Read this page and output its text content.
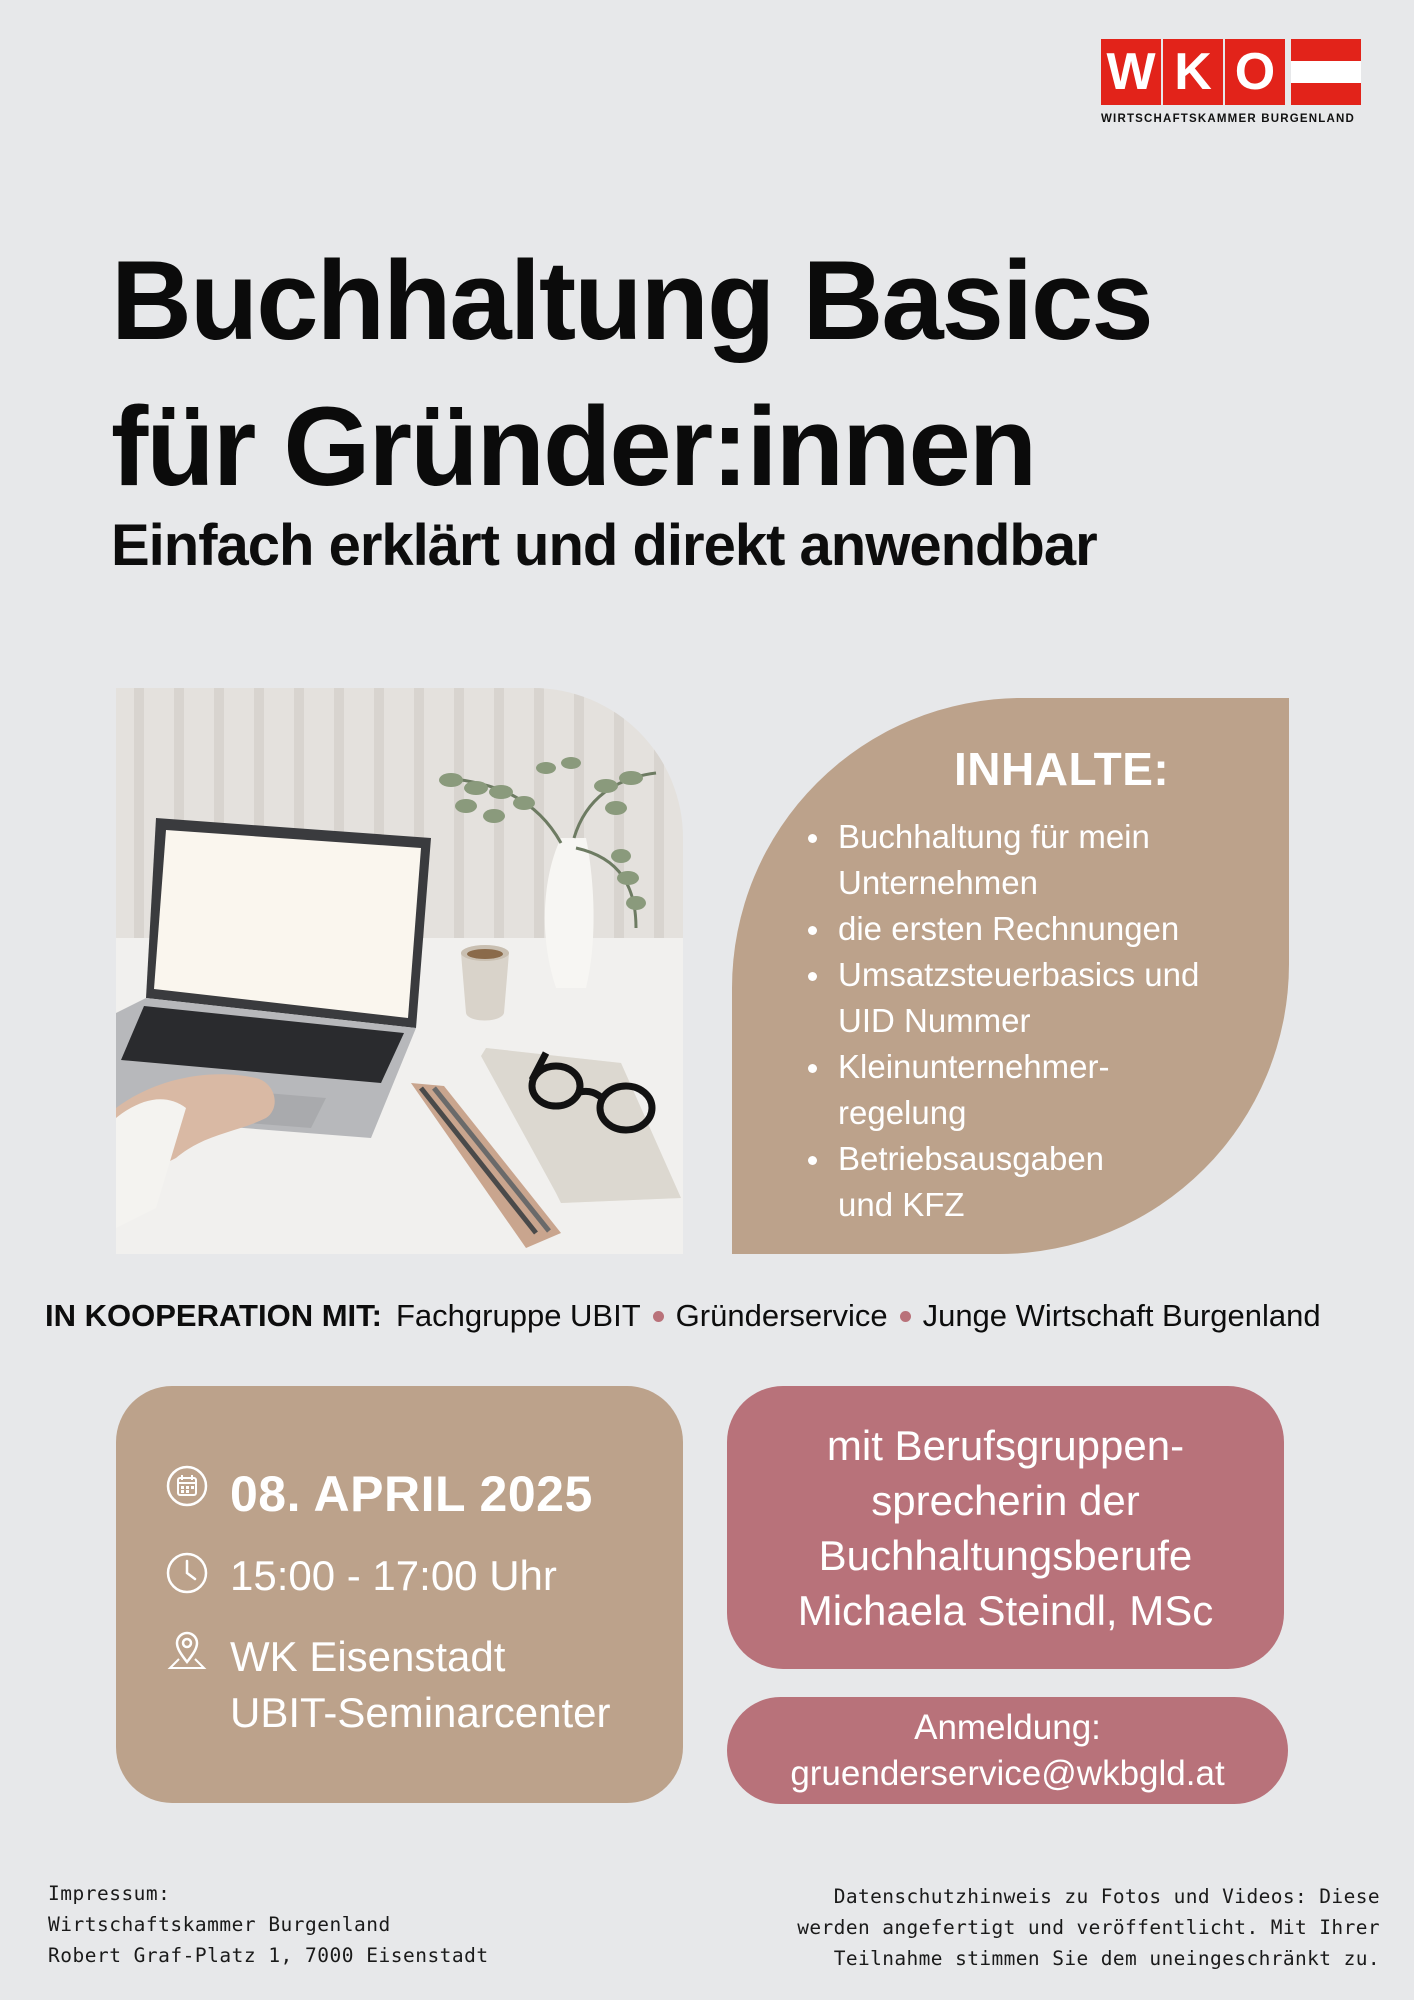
W K O
WIRTSCHAFTSKAMMER BURGENLAND
Buchhaltung Basics
für Gründer:innen
Einfach erklärt und direkt anwendbar
INHALTE:
Buchhaltung für mein
Unternehmen
die ersten Rechnungen
Umsatzsteuerbasics und
UID Nummer
Kleinunternehmer-
regelung
Betriebsausgaben
und KFZ
IN KOOPERATION MIT: Fachgruppe UBIT Gründerservice Junge Wirtschaft Burgenland
08. APRIL 2025
15:00 - 17:00 Uhr
WK Eisenstadt
UBIT-Seminarcenter
mit Berufsgruppen-
sprecherin der
Buchhaltungsberufe
Michaela Steindl, MSc
Anmeldung:
gruenderservice@wkbgld.at
Impressum:
Wirtschaftskammer Burgenland
Robert Graf-Platz 1, 7000 Eisenstadt
Datenschutzhinweis zu Fotos und Videos: Diese
werden angefertigt und veröffentlicht. Mit Ihrer
Teilnahme stimmen Sie dem uneingeschränkt zu.
